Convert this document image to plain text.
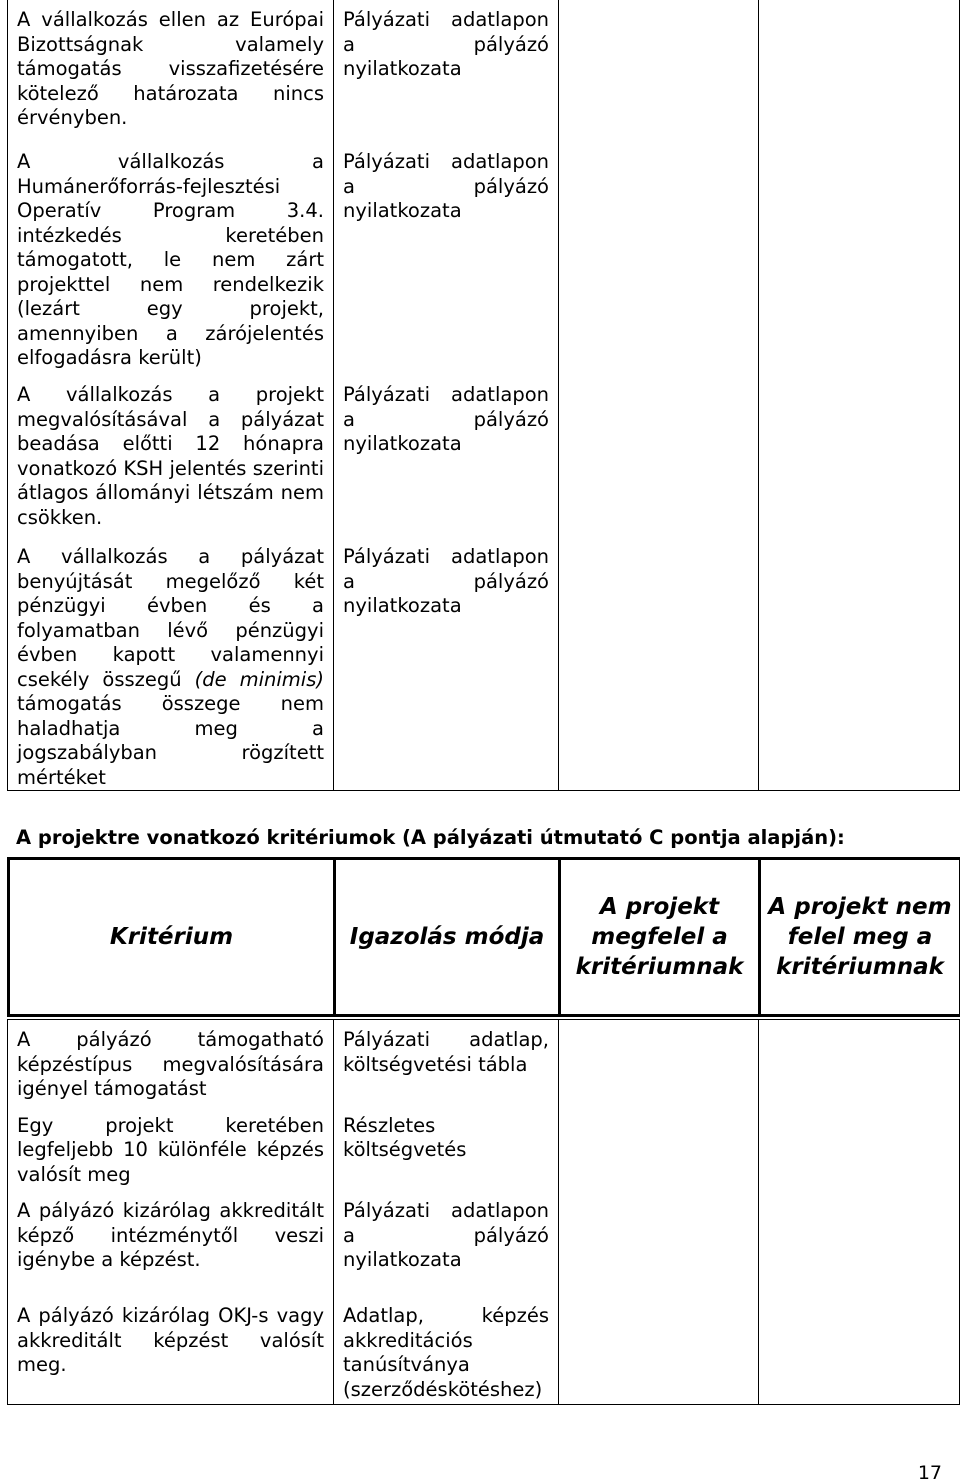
A vállalkozás ellen az Európai Bizottságnak valamely támogatás visszafizetésére kötelező határozata nincs érvényben.	Pályázati adatlapon a pályázó nyilatkozata		

A vállalkozás a Humánerőforrás-fejlesztési Operatív Program 3.4. intézkedés keretében támogatott, le nem zárt projekttel nem rendelkezik (lezárt egy projekt, amennyiben a zárójelentés elfogadásra került)	Pályázati adatlapon a pályázó nyilatkozata		

A vállalkozás a projekt megvalósításával a pályázat beadása előtti 12 hónapra vonatkozó KSH jelentés szerinti átlagos állományi létszám nem csökken.	Pályázati adatlapon a pályázó nyilatkozata		

A vállalkozás a pályázat benyújtását megelőző két pénzügyi évben és a folyamatban lévő pénzügyi évben kapott valamennyi csekély összegű (de minimis) támogatás összege nem haladhatja meg a jogszabályban rögzített mértéket	Pályázati adatlapon a pályázó nyilatkozata		

A projektre vonatkozó kritériumok (A pályázati útmutató C pontja alapján):

Kritérium	Igazolás módja	A projekt megfelel a kritériumnak	A projekt nem felel meg a kritériumnak

A pályázó támogatható képzéstípus megvalósítására igényel támogatást	Pályázati adatlap, költségvetési tábla		

Egy projekt keretében legfeljebb 10 különféle képzés valósít meg	Részletes költségvetés		

A pályázó kizárólag akkreditált képző intézménytől veszi igénybe a képzést.	Pályázati adatlapon a pályázó nyilatkozata		

A pályázó kizárólag OKJ-s vagy akkreditált képzést valósít meg.	Adatlap, képzés akkreditációs tanúsítványa (szerződéskötéshez)		

17
